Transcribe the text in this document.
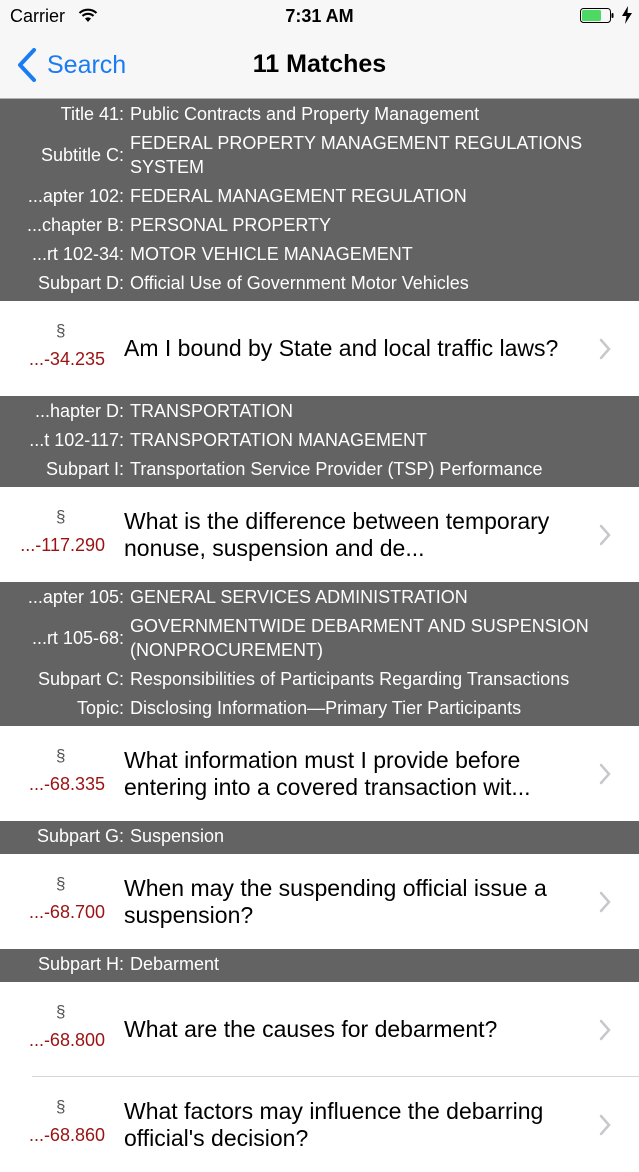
Carrier	7:31 AM
Search	11 Matches
Title 41: Public Contracts and Property Management
Subtitle C:
FEDERAL PROPERTY MANAGEMENT REGULATIONS SYSTEM
...apter 102: FEDERAL MANAGEMENT REGULATION
...chapter B: PERSONAL PROPERTY
...rt 102-34: MOTOR VEHICLE MANAGEMENT
Subpart D: Official Use of Government Motor Vehicles
§
...-34.235 Am I bound by State and local traffic laws?
...hapter D: TRANSPORTATION
...t 102-117: TRANSPORTATION MANAGEMENT
Subpart I: Transportation Service Provider (TSP) Performance
§
...-117.290
What is the difference between temporary nonuse, suspension and de...
...apter 105: GENERAL SERVICES ADMINISTRATION
...rt 105-68:
GOVERNMENTWIDE DEBARMENT AND SUSPENSION (NONPROCUREMENT)
Subpart C: Responsibilities of Participants Regarding Transactions
Topic: Disclosing Information—Primary Tier Participants
§
...-68.335
What information must I provide before entering into a covered transaction wit...
Subpart G: Suspension
§
...-68.700
When may the suspending official issue a suspension?
Subpart H: Debarment
§
...-68.800 What are the causes for debarment?
§
...-68.860
What factors may influence the debarring official's decision?
